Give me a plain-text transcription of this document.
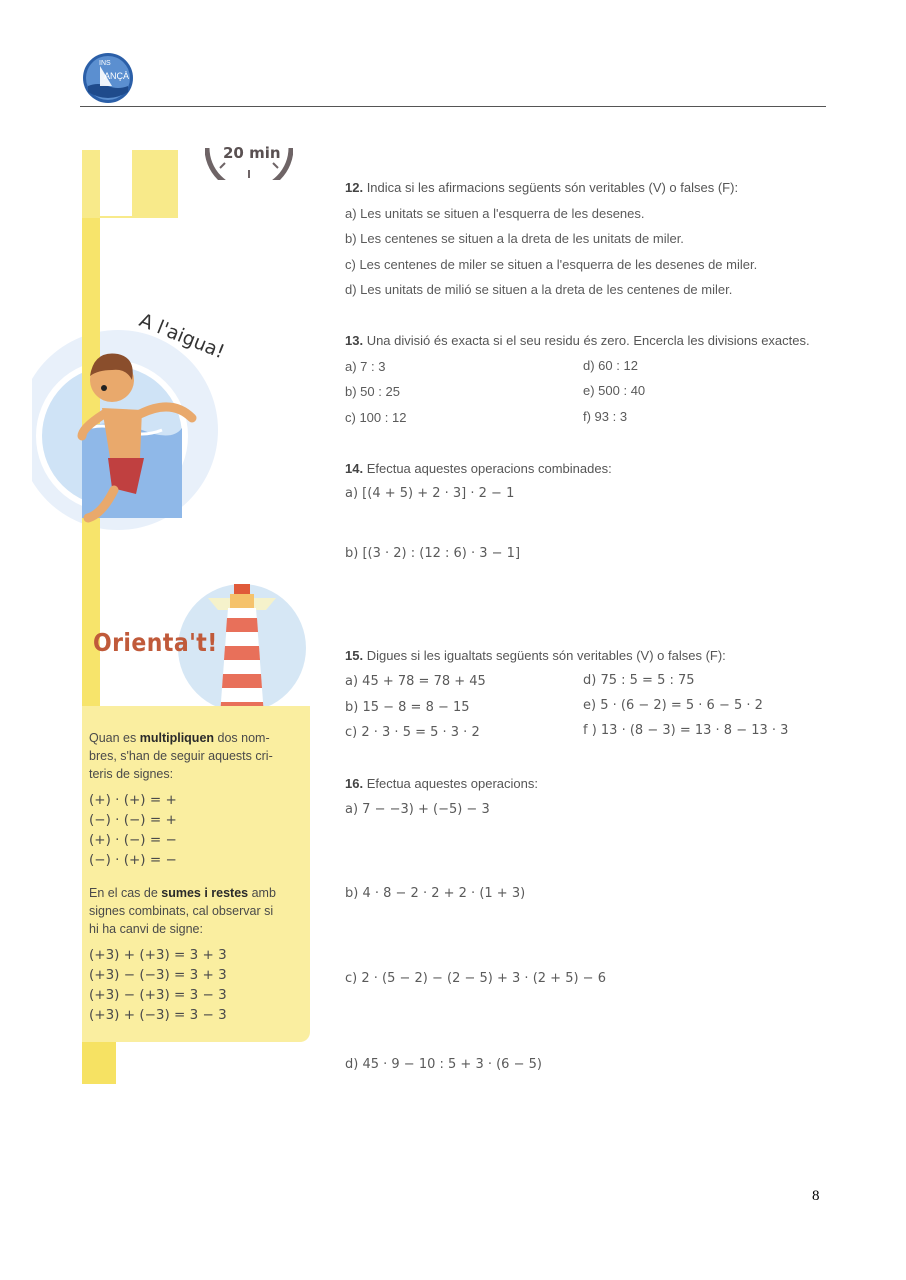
INS
ANÇÀ
20 min
A l'aigua!
Orienta't!
Quan es multipliquen dos nom-
bres, s'han de seguir aquests cri-
teris de signes:
(+) · (+) = +
(−) · (−) = +
(+) · (−) = −
(−) · (+) = −
En el cas de sumes i restes amb
signes combinats, cal observar si
hi ha canvi de signe:
(+3) + (+3) = 3 + 3
(+3) − (−3) = 3 + 3
(+3) − (+3) = 3 − 3
(+3) + (−3) = 3 − 3
12. Indica si les afirmacions següents són veritables (V) o falses (F):
a) Les unitats se situen a l'esquerra de les desenes.
b) Les centenes se situen a la dreta de les unitats de miler.
c) Les centenes de miler se situen a l'esquerra de les desenes de miler.
d) Les unitats de milió se situen a la dreta de les centenes de miler.
13. Una divisió és exacta si el seu residu és zero. Encercla les divisions exactes.
a) 7 : 3
b) 50 : 25
c) 100 : 12
d) 60 : 12
e) 500 : 40
f) 93 : 3
14. Efectua aquestes operacions combinades:
a) [(4 + 5) + 2 · 3] · 2 − 1
b) [(3 · 2) : (12 : 6) · 3 − 1]
15. Digues si les igualtats següents són veritables (V) o falses (F):
a) 45 + 78 = 78 + 45
b) 15 − 8 = 8 − 15
c) 2 · 3 · 5 = 5 · 3 · 2
d) 75 : 5 = 5 : 75
e) 5 · (6 − 2) = 5 · 6 − 5 · 2
f ) 13 · (8 − 3) = 13 · 8 − 13 · 3
16. Efectua aquestes operacions:
a) 7 − −3) + (−5) − 3
b) 4 · 8 − 2 · 2 + 2 · (1 + 3)
c) 2 · (5 − 2) − (2 − 5) + 3 · (2 + 5) − 6
d) 45 · 9 − 10 : 5 + 3 · (6 − 5)
8
